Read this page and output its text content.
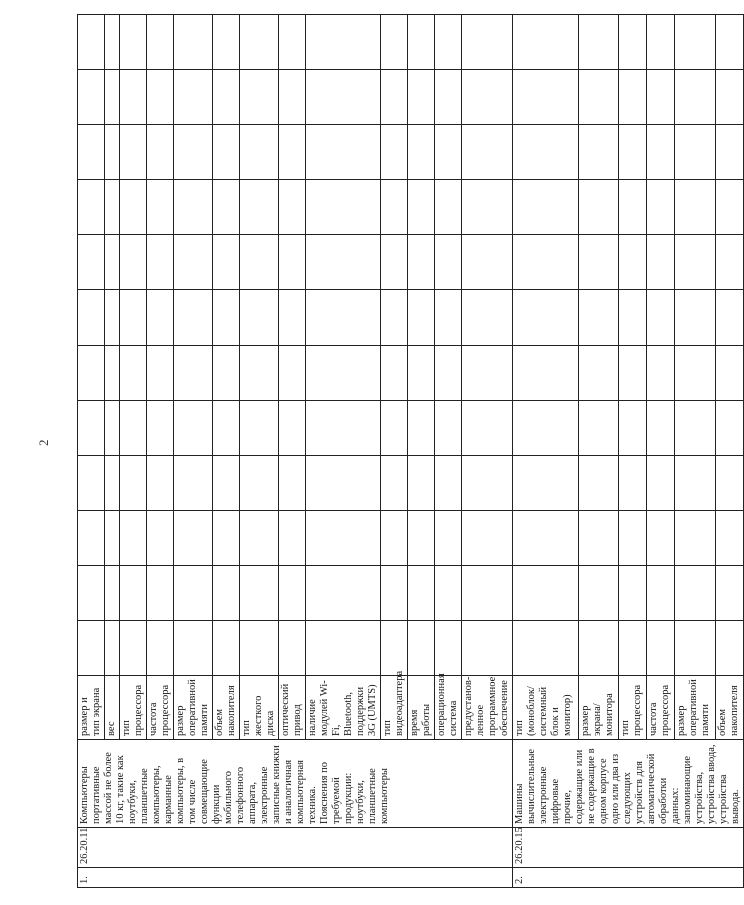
2
1.	26.20.11	Компьютеры портативные массой не более 10 кг, такие как ноутбуки, планшетные компьютеры, карманные компьютеры, в том числе совмещающие функции мобильного телефонного аппарата, электронные записные книжки и аналогичная компьютерная техника. Пояснения по требуемой продукции: ноутбуки, планшетные компьютеры	размер и тип экрана												
			вес												
			тип процессора												
			частота процессора												
			размер оперативной памяти												
			объем накопителя												
			тип жесткого диска												
			оптический привод												
			наличие модулей Wi-Fi, Bluetooth, поддержки 3G (UMTS)												
			тип видеоадаптера												
			время работы												
			операционная система												
			предустанов- ленное программное обеспечение												
2.	26.20.15	Машины вычислительные электронные цифровые прочие, содержащие или не содержащие в одном корпусе одно или два из следующих устройств для автоматической обработки данных: запоминающие устройства, устройства ввода, устройства вывода.	тип (моноблок/ системный блок и монитор)												
			размер экрана/ монитора												
			тип процессора												
			частота процессора												
			размер оперативной памяти												
			объем накопителя												
